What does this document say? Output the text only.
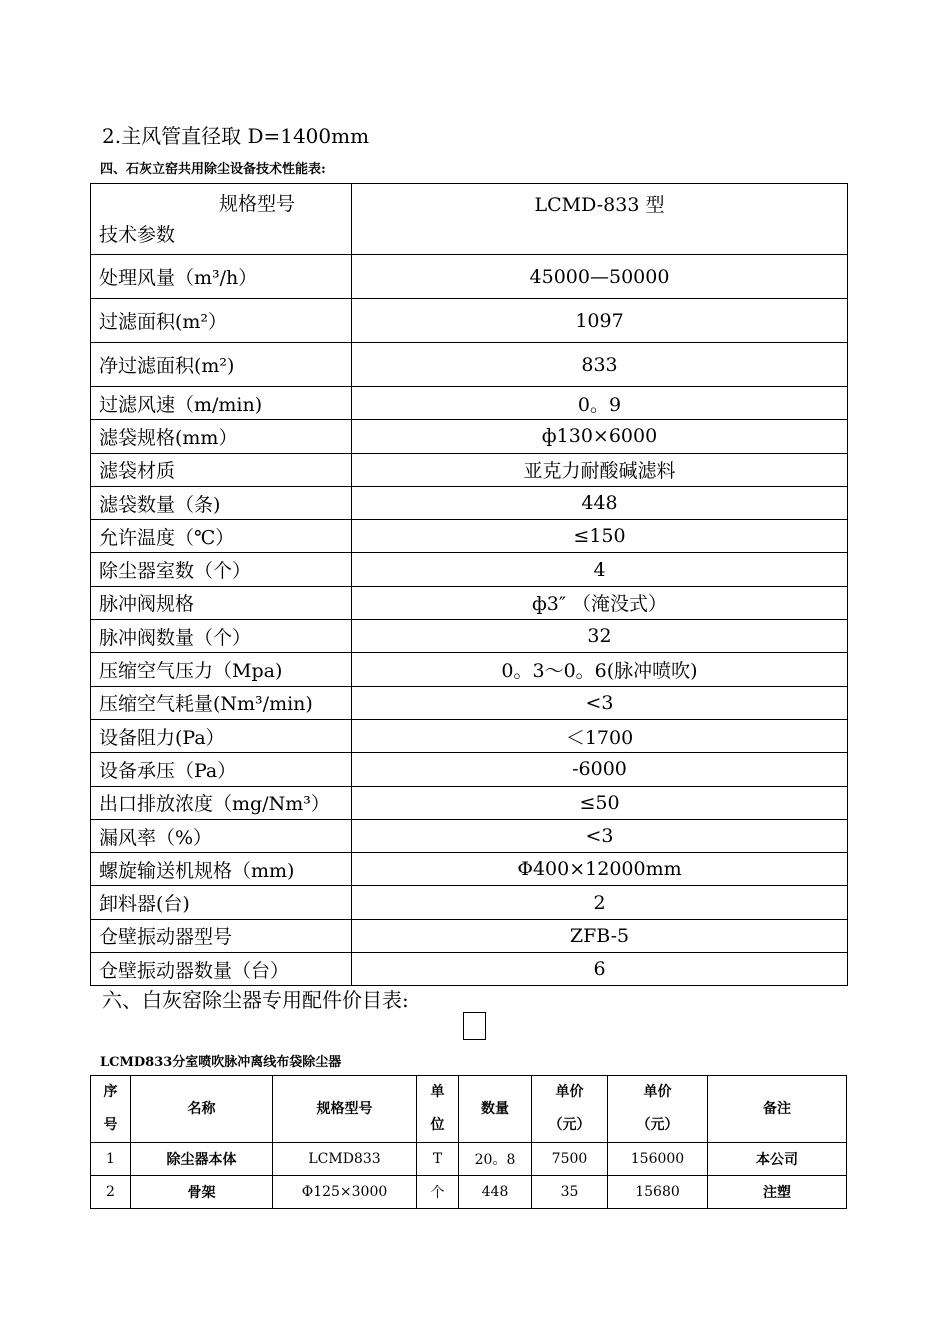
2.主风管直径取 D=1400mm
四、石灰立窑共用除尘设备技术性能表:
规格型号
技术参数	LCMD-833 型
处理风量（m³/h）	45000—50000
过滤面积(m²）	1097
净过滤面积(m²)	833
过滤风速（m/min)	0。9
滤袋规格(mm）	ф130×6000
滤袋材质	亚克力耐酸碱滤料
滤袋数量（条)	448
允许温度（℃）	≤150
除尘器室数（个）	4
脉冲阀规格	ф3″ （淹没式）
脉冲阀数量（个）	32
压缩空气压力（Mpa)	0。3～0。6(脉冲喷吹)
压缩空气耗量(Nm³/min)	<3
设备阻力(Pa）	＜1700
设备承压（Pa）	-6000
出口排放浓度（mg/Nm³）	≤50
漏风率（%）	<3
螺旋输送机规格（mm)	Φ400×12000mm
卸料器(台)	2
仓壁振动器型号	ZFB-5
仓壁振动器数量（台）	6
六、白灰窑除尘器专用配件价目表:
LCMD833分室喷吹脉冲离线布袋除尘器
序
号	名称	规格型号	单
位	数量	单价
（元）	单价
（元）	备注
1	除尘器本体	LCMD833	T	20。8	7500	156000	本公司
2	骨架	Φ125×3000	个	448	35	15680	注塑
